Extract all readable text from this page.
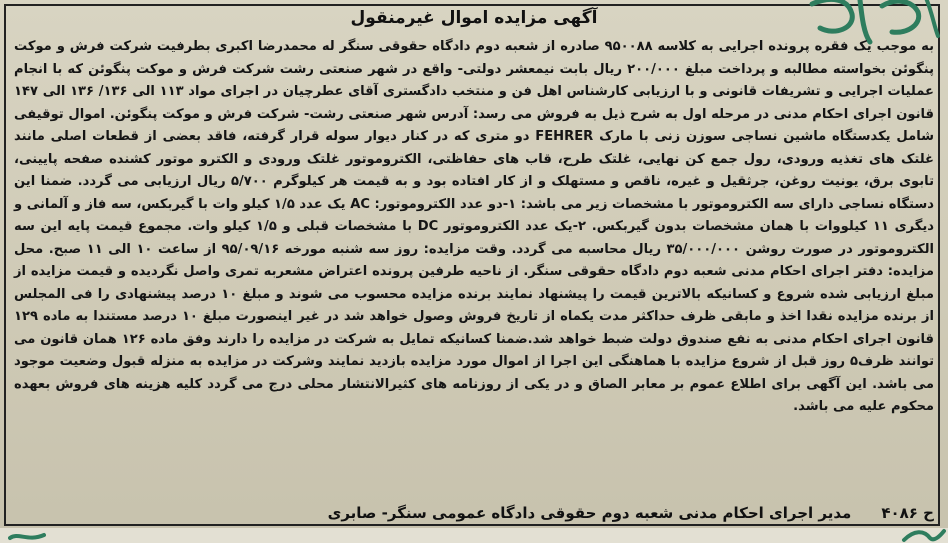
آگهی مزایده اموال غیرمنقول
به موجب یک فقره پرونده اجرایی به کلاسه ۹۵۰۰۸۸ صادره از شعبه دوم دادگاه حقوقی سنگر له محمدرضا اکبری بطرفیت شرکت فرش و موکت پنگوئن بخواسته مطالبه و پرداخت مبلغ ۲۰۰/۰۰۰ ریال بابت نیمعشر دولتی- واقع در شهر صنعتی رشت شرکت فرش و موکت پنگوئن که با انجام عملیات اجرایی و تشریفات قانونی و با ارزیابی کارشناس اهل فن و منتخب دادگستری آقای عطرچیان در اجرای مواد ۱۱۳ الی ۱۳۶/ ۱۳۶ الی ۱۴۷ قانون اجرای احکام مدنی در مرحله اول به شرح ذیل به فروش می رسد: آدرس شهر صنعتی رشت- شرکت فرش و موکت پنگوئن. اموال توقیفی شامل یکدستگاه ماشین نساجی سوزن زنی با مارک FEHRER دو متری که در کنار دیوار سوله قرار گرفته، فاقد بعضی از قطعات اصلی مانند غلتک های تغذیه ورودی، رول جمع کن نهایی، غلتک طرح، قاب های حفاظتی، الکتروموتور غلتک ورودی و الکترو موتور کشنده صفحه پایینی، تابوی برق، یونیت روغن، جرثقیل و غیره، ناقص و مستهلک و از کار افتاده بود و به قیمت هر کیلوگرم ۵/۷۰۰ ریال ارزیابی می گردد. ضمنا این دستگاه نساجی دارای سه الکتروموتور با مشخصات زیر می باشد: ۱-دو عدد الکتروموتور: AC یک عدد ۱/۵ کیلو وات با گیربکس، سه فاز و آلمانی و دیگری ۱۱ کیلووات با همان مشخصات بدون گیربکس. ۲-یک عدد الکتروموتور DC با مشخصات قبلی و ۱/۵ کیلو وات. مجموع قیمت پایه این سه الکتروموتور در صورت روشن ۳۵/۰۰۰/۰۰۰ ریال محاسبه می گردد. وقت مزایده: روز سه شنبه مورخه ۹۵/۰۹/۱۶ از ساعت ۱۰ الی ۱۱ صبح. محل مزایده: دفتر اجرای احکام مدنی شعبه دوم دادگاه حقوقی سنگر. از ناحیه طرفین پرونده اعتراض مشعربه تمری واصل نگردیده و قیمت مزایده از مبلغ ارزیابی شده شروع و کسانیکه بالاترین قیمت را پیشنهاد نمایند برنده مزایده محسوب می شوند و مبلغ ۱۰ درصد پیشنهادی را فی المجلس از برنده مزایده نقدا اخذ و مابقی ظرف حداکثر مدت یکماه از تاریخ فروش وصول خواهد شد در غیر اینصورت مبلغ ۱۰ درصد مستندا به ماده ۱۲۹ قانون اجرای احکام مدنی به نفع صندوق دولت ضبط خواهد شد.ضمنا کسانیکه تمایل به شرکت در مزایده را دارند وفق ماده ۱۲۶ همان قانون می توانند ظرف۵ روز قبل از شروع مزایده با هماهنگی این اجرا از اموال مورد مزایده بازدید نمایند وشرکت در مزایده به منزله قبول وضعیت موجود می باشد. این آگهی برای اطلاع عموم بر معابر الصاق و در یکی از روزنامه های کثیرالانتشار محلی درج می گردد کلیه هزینه های فروش بعهده محکوم علیه می باشد.
ح ۴۰۸۶
مدیر اجرای احکام مدنی شعبه دوم حقوقی دادگاه عمومی سنگر- صابری
